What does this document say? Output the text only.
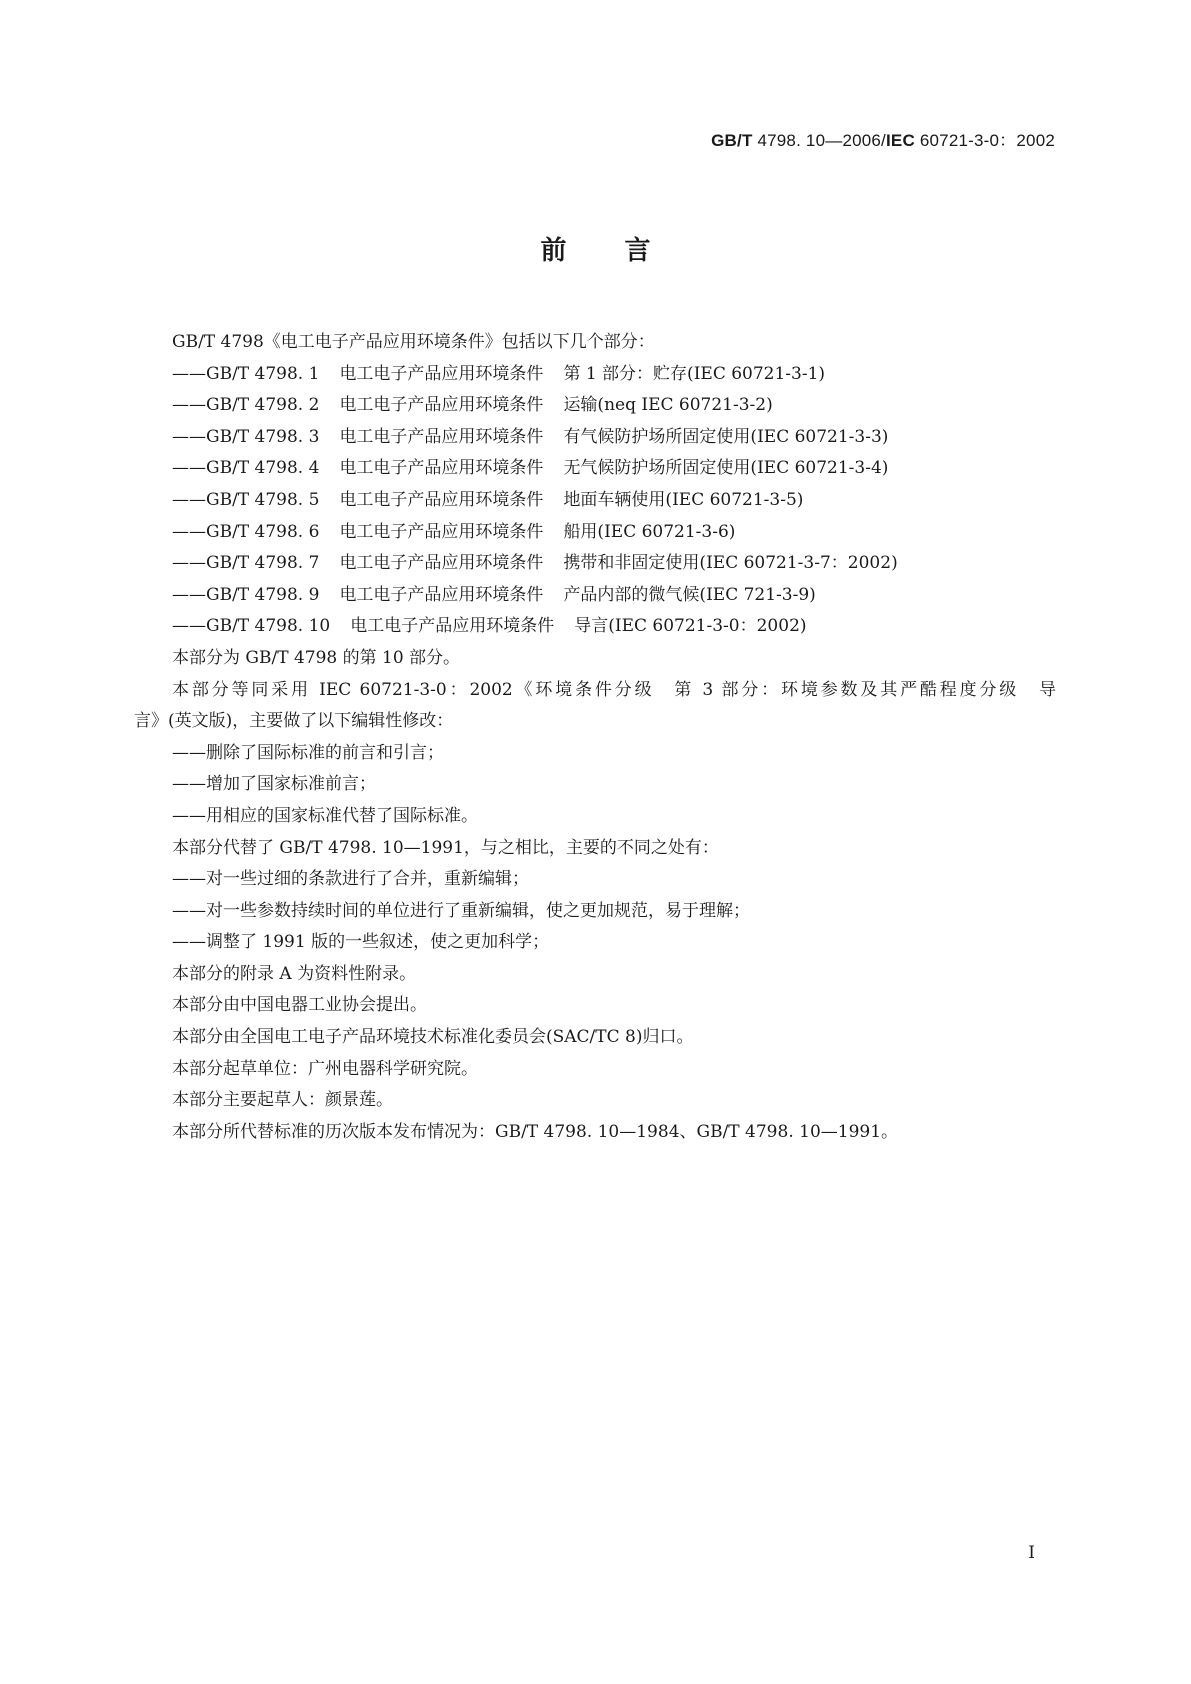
GB/T 4798. 10—2006/IEC 60721-3-0：2002
前 言
GB/T 4798《电工电子产品应用环境条件》包括以下几个部分：
——GB/T 4798. 1 电工电子产品应用环境条件 第 1 部分：贮存(IEC 60721-3-1)
——GB/T 4798. 2 电工电子产品应用环境条件 运输(neq IEC 60721-3-2)
——GB/T 4798. 3 电工电子产品应用环境条件 有气候防护场所固定使用(IEC 60721-3-3)
——GB/T 4798. 4 电工电子产品应用环境条件 无气候防护场所固定使用(IEC 60721-3-4)
——GB/T 4798. 5 电工电子产品应用环境条件 地面车辆使用(IEC 60721-3-5)
——GB/T 4798. 6 电工电子产品应用环境条件 船用(IEC 60721-3-6)
——GB/T 4798. 7 电工电子产品应用环境条件 携带和非固定使用(IEC 60721-3-7：2002)
——GB/T 4798. 9 电工电子产品应用环境条件 产品内部的微气候(IEC 721-3-9)
——GB/T 4798. 10 电工电子产品应用环境条件 导言(IEC 60721-3-0：2002)
本部分为 GB/T 4798 的第 10 部分。
本部分等同采用 IEC 60721-3-0：2002《环境条件分级　第 3 部分：环境参数及其严酷程度分级　导
言》(英文版)，主要做了以下编辑性修改：
——删除了国际标准的前言和引言；
——增加了国家标准前言；
——用相应的国家标准代替了国际标准。
本部分代替了 GB/T 4798. 10—1991，与之相比，主要的不同之处有：
——对一些过细的条款进行了合并，重新编辑；
——对一些参数持续时间的单位进行了重新编辑，使之更加规范，易于理解；
——调整了 1991 版的一些叙述，使之更加科学；
本部分的附录 A 为资料性附录。
本部分由中国电器工业协会提出。
本部分由全国电工电子产品环境技术标准化委员会(SAC/TC 8)归口。
本部分起草单位：广州电器科学研究院。
本部分主要起草人：颜景莲。
本部分所代替标准的历次版本发布情况为：GB/T 4798. 10—1984、GB/T 4798. 10—1991。
I
